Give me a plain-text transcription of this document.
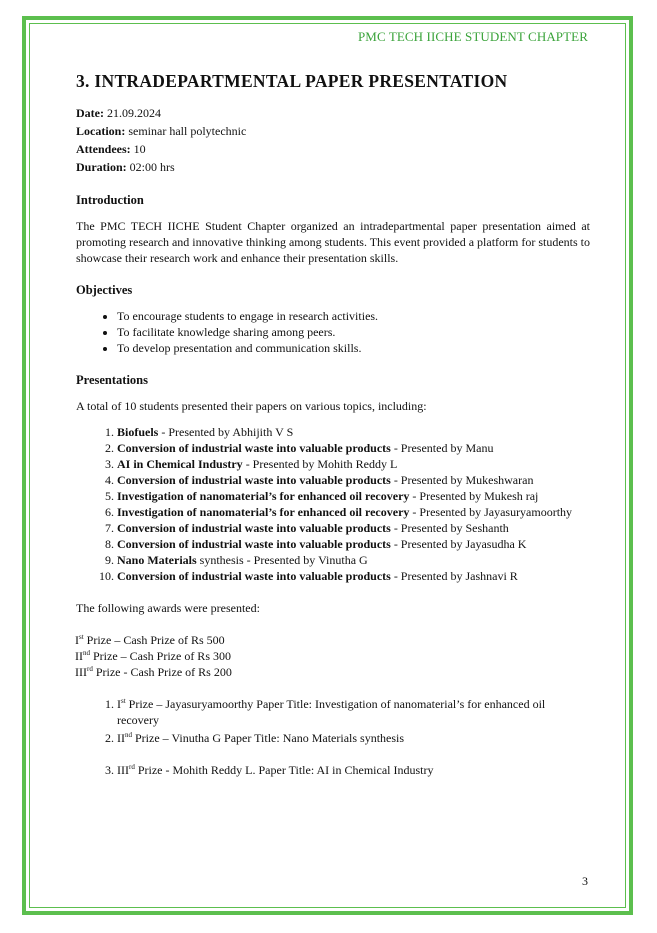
PMC TECH IICHE STUDENT CHAPTER
3. INTRADEPARTMENTAL PAPER PRESENTATION

Date: 21.09.2024

Location: seminar hall polytechnic

Attendees: 10

Duration: 02:00 hrs

Introduction

The PMC TECH IICHE Student Chapter organized an intradepartmental paper presentation aimed at promoting research and innovative thinking among students. This event provided a platform for students to showcase their research work and enhance their presentation skills.

Objectives
• To encourage students to engage in research activities.
• To facilitate knowledge sharing among peers.
• To develop presentation and communication skills.
Presentations

A total of 10 students presented their papers on various topics, including:

1. Biofuels - Presented by Abhijith V S
2. Conversion of industrial waste into valuable products - Presented by Manu
3. AI in Chemical Industry - Presented by Mohith Reddy L
4. Conversion of industrial waste into valuable products - Presented by Mukeshwaran
5. Investigation of nanomaterial’s for enhanced oil recovery - Presented by Mukesh raj
6. Investigation of nanomaterial’s for enhanced oil recovery - Presented by Jayasuryamoorthy
7. Conversion of industrial waste into valuable products - Presented by Seshanth
8. Conversion of industrial waste into valuable products - Presented by Jayasudha K
9. Nano Materials synthesis - Presented by Vinutha G
10. Conversion of industrial waste into valuable products - Presented by Jashnavi R

The following awards were presented:

Ist Prize – Cash Prize of Rs 500

IInd Prize – Cash Prize of Rs 300

IIIrd Prize - Cash Prize of Rs 200

1. Ist Prize – Jayasuryamoorthy Paper Title: Investigation of nanomaterial’s for enhanced oil recovery
2. IInd Prize – Vinutha G Paper Title: Nano Materials synthesis
3. IIIrd Prize - Mohith Reddy L. Paper Title: AI in Chemical Industry
3
